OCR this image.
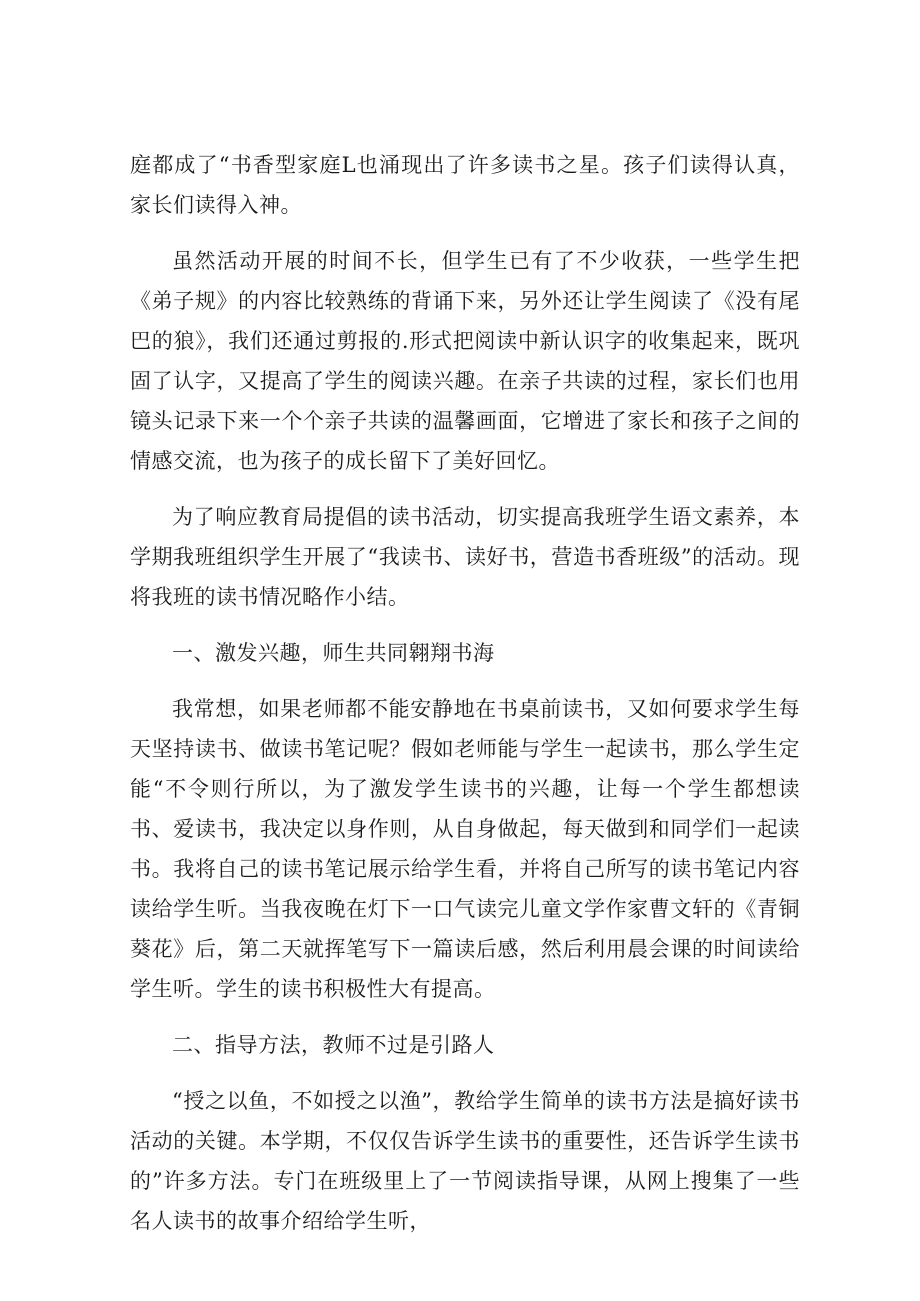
庭都成了“书香型家庭L也涌现出了许多读书之星。孩子们读得认真，家长们读得入神。

虽然活动开展的时间不长，但学生已有了不少收获，一些学生把《弟子规》的内容比较熟练的背诵下来，另外还让学生阅读了《没有尾巴的狼》，我们还通过剪报的.形式把阅读中新认识字的收集起来，既巩固了认字，又提高了学生的阅读兴趣。在亲子共读的过程，家长们也用镜头记录下来一个个亲子共读的温馨画面，它增进了家长和孩子之间的情感交流，也为孩子的成长留下了美好回忆。

为了响应教育局提倡的读书活动，切实提高我班学生语文素养，本学期我班组织学生开展了“我读书、读好书，营造书香班级”的活动。现将我班的读书情况略作小结。

一、激发兴趣，师生共同翱翔书海

我常想，如果老师都不能安静地在书桌前读书，又如何要求学生每天坚持读书、做读书笔记呢？假如老师能与学生一起读书，那么学生定能“不令则行所以，为了激发学生读书的兴趣，让每一个学生都想读书、爱读书，我决定以身作则，从自身做起，每天做到和同学们一起读书。我将自己的读书笔记展示给学生看，并将自己所写的读书笔记内容读给学生听。当我夜晚在灯下一口气读完儿童文学作家曹文轩的《青铜葵花》后，第二天就挥笔写下一篇读后感，然后利用晨会课的时间读给学生听。学生的读书积极性大有提高。

二、指导方法，教师不过是引路人

“授之以鱼，不如授之以渔”，教给学生简单的读书方法是搞好读书活动的关键。本学期，不仅仅告诉学生读书的重要性，还告诉学生读书的”许多方法。专门在班级里上了一节阅读指导课，从网上搜集了一些名人读书的故事介绍给学生听，
